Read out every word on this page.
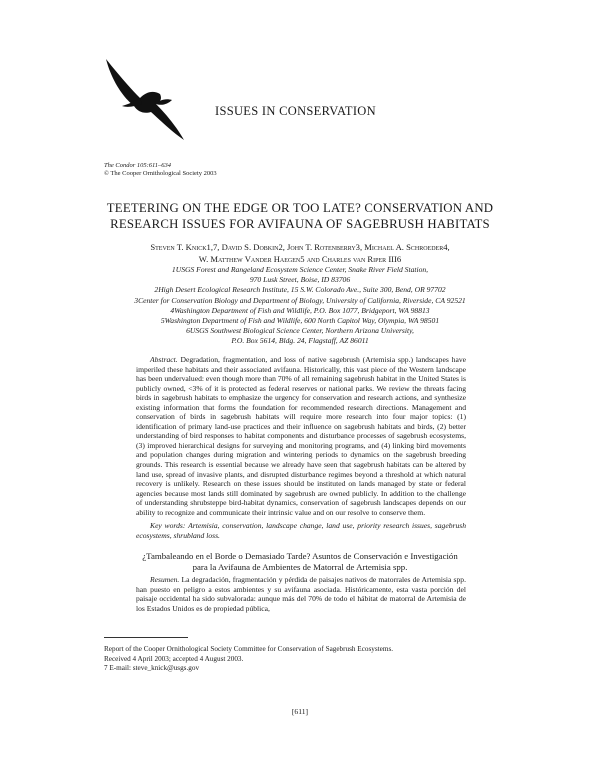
ISSUES IN CONSERVATION
The Condor 105:611–634
© The Cooper Ornithological Society 2003
TEETERING ON THE EDGE OR TOO LATE? CONSERVATION AND
RESEARCH ISSUES FOR AVIFAUNA OF SAGEBRUSH HABITATS
Steven T. Knick1,7, David S. Dobkin2, John T. Rotenberry3, Michael A. Schroeder4,
W. Matthew Vander Haegen5 and Charles van Riper III6
1USGS Forest and Rangeland Ecosystem Science Center, Snake River Field Station,
970 Lusk Street, Boise, ID 83706
2High Desert Ecological Research Institute, 15 S.W. Colorado Ave., Suite 300, Bend, OR 97702
3Center for Conservation Biology and Department of Biology, University of California, Riverside, CA 92521
4Washington Department of Fish and Wildlife, P.O. Box 1077, Bridgeport, WA 98813
5Washington Department of Fish and Wildlife, 600 North Capitol Way, Olympia, WA 98501
6USGS Southwest Biological Science Center, Northern Arizona University,
P.O. Box 5614, Bldg. 24, Flagstaff, AZ 86011
Abstract. Degradation, fragmentation, and loss of native sagebrush (Artemisia spp.) landscapes have imperiled these habitats and their associated avifauna. Historically, this vast piece of the Western landscape has been undervalued: even though more than 70% of all remaining sagebrush habitat in the United States is publicly owned, <3% of it is protected as federal reserves or national parks. We review the threats facing birds in sagebrush habitats to emphasize the urgency for conservation and research actions, and synthesize existing information that forms the foundation for recommended research directions. Management and conservation of birds in sagebrush habitats will require more research into four major topics: (1) identification of primary land-use practices and their influence on sagebrush habitats and birds, (2) better understanding of bird responses to habitat components and disturbance processes of sagebrush ecosystems, (3) improved hierarchical designs for surveying and monitoring programs, and (4) linking bird movements and population changes during migration and wintering periods to dynamics on the sagebrush breeding grounds. This research is essential because we already have seen that sagebrush habitats can be altered by land use, spread of invasive plants, and disrupted disturbance regimes beyond a threshold at which natural recovery is unlikely. Research on these issues should be instituted on lands managed by state or federal agencies because most lands still dominated by sagebrush are owned publicly. In addition to the challenge of understanding shrubsteppe bird-habitat dynamics, conservation of sagebrush landscapes depends on our ability to recognize and communicate their intrinsic value and on our resolve to conserve them.
Key words: Artemisia, conservation, landscape change, land use, priority research issues, sagebrush ecosystems, shrubland loss.
¿Tambaleando en el Borde o Demasiado Tarde? Asuntos de Conservación e Investigación
para la Avifauna de Ambientes de Matorral de Artemisia spp.
Resumen. La degradación, fragmentación y pérdida de paisajes nativos de matorrales de Artemisia spp. han puesto en peligro a estos ambientes y su avifauna asociada. Históricamente, esta vasta porción del paisaje occidental ha sido subvalorada: aunque más del 70% de todo el hábitat de matorral de Artemisia de los Estados Unidos es de propiedad pública,
Report of the Cooper Ornithological Society Committee for Conservation of Sagebrush Ecosystems.
Received 4 April 2003; accepted 4 August 2003.
7 E-mail: steve_knick@usgs.gov
[611]
